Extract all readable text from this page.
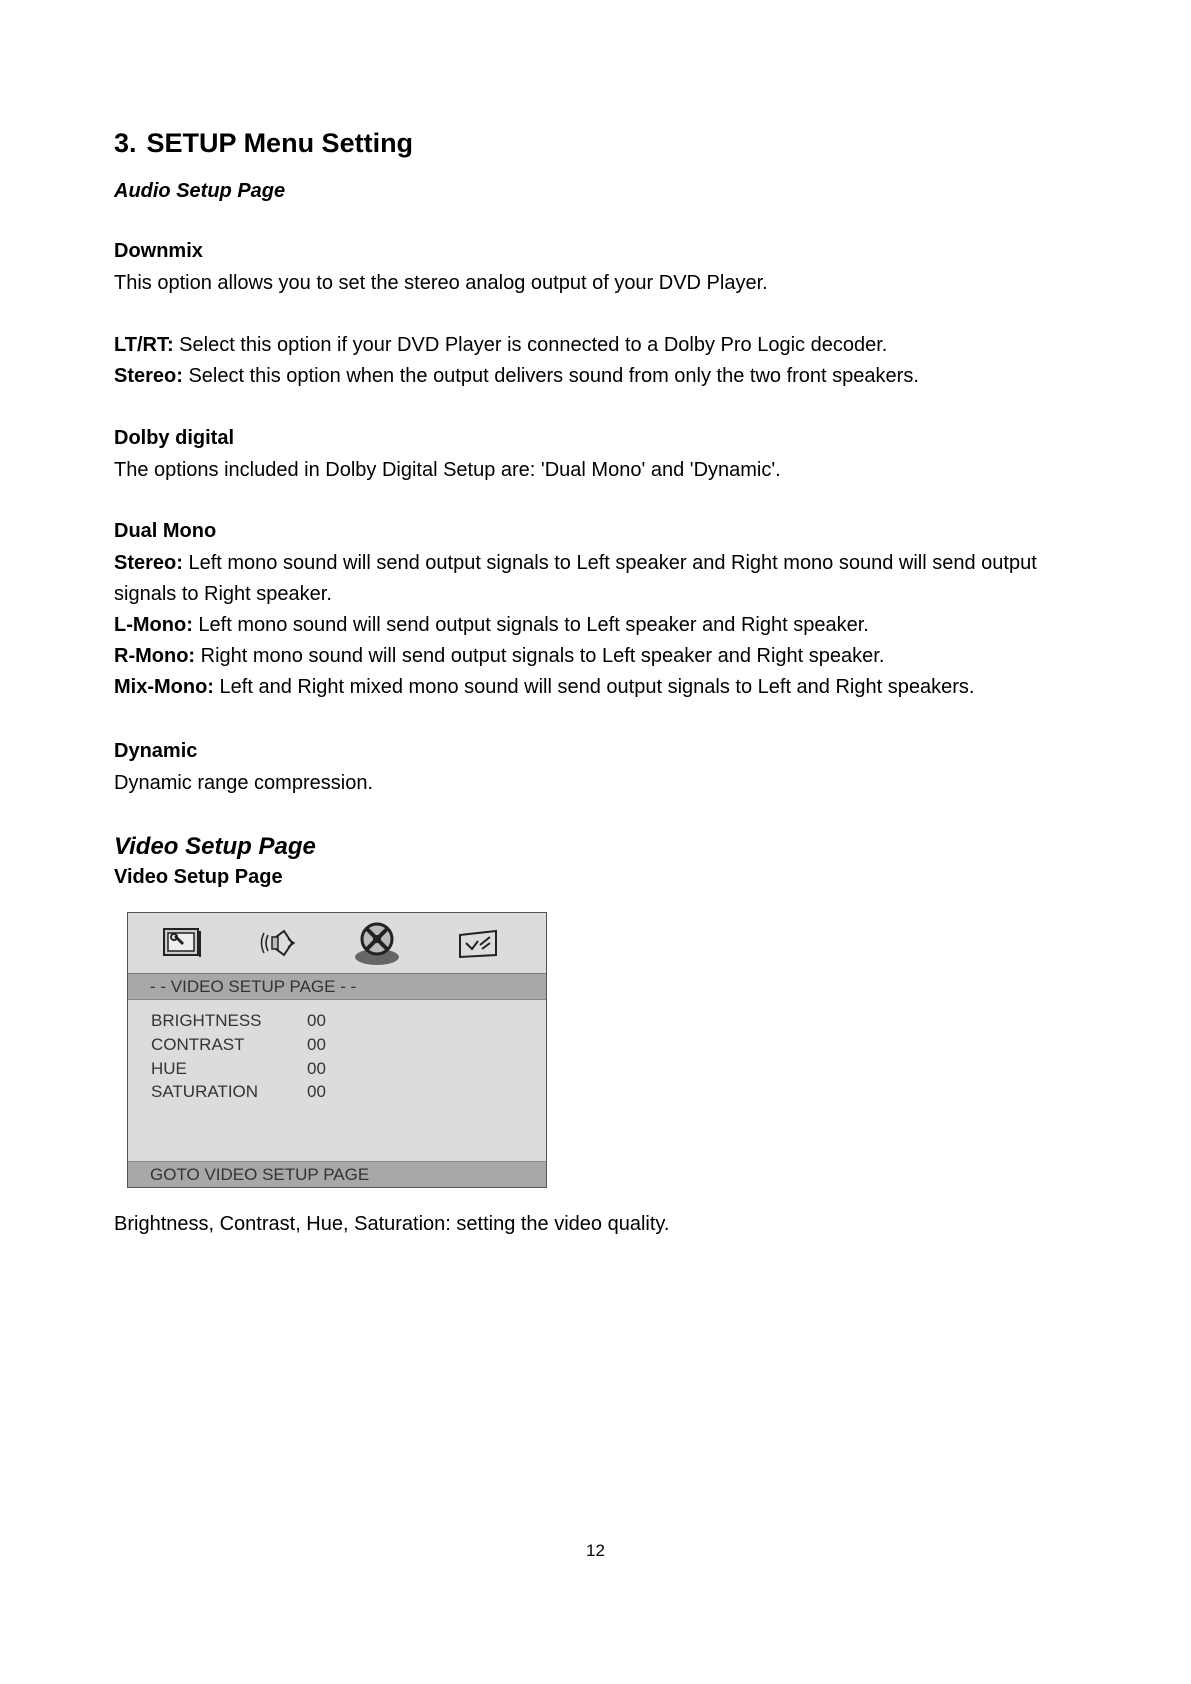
3. SETUP Menu Setting
Audio Setup Page
Downmix
This option allows you to set the stereo analog output of your DVD Player.
LT/RT: Select this option if your DVD Player is connected to a Dolby Pro Logic decoder.
Stereo: Select this option when the output delivers sound from only the two front speakers.
Dolby digital
The options included in Dolby Digital Setup are: 'Dual Mono' and 'Dynamic'.
Dual Mono
Stereo: Left mono sound will send output signals to Left speaker and Right mono sound will send output
signals to Right speaker.
L-Mono: Left mono sound will send output signals to Left speaker and Right speaker.
R-Mono: Right mono sound will send output signals to Left speaker and Right speaker.
Mix-Mono: Left and Right mixed mono sound will send output signals to Left and Right speakers.
Dynamic
Dynamic range compression.
Video Setup Page
Video Setup Page
- - VIDEO SETUP PAGE - -
BRIGHTNESS	00
CONTRAST	00
HUE	00
SATURATION	00
GOTO VIDEO SETUP PAGE
Brightness, Contrast, Hue, Saturation: setting the video quality.
12
